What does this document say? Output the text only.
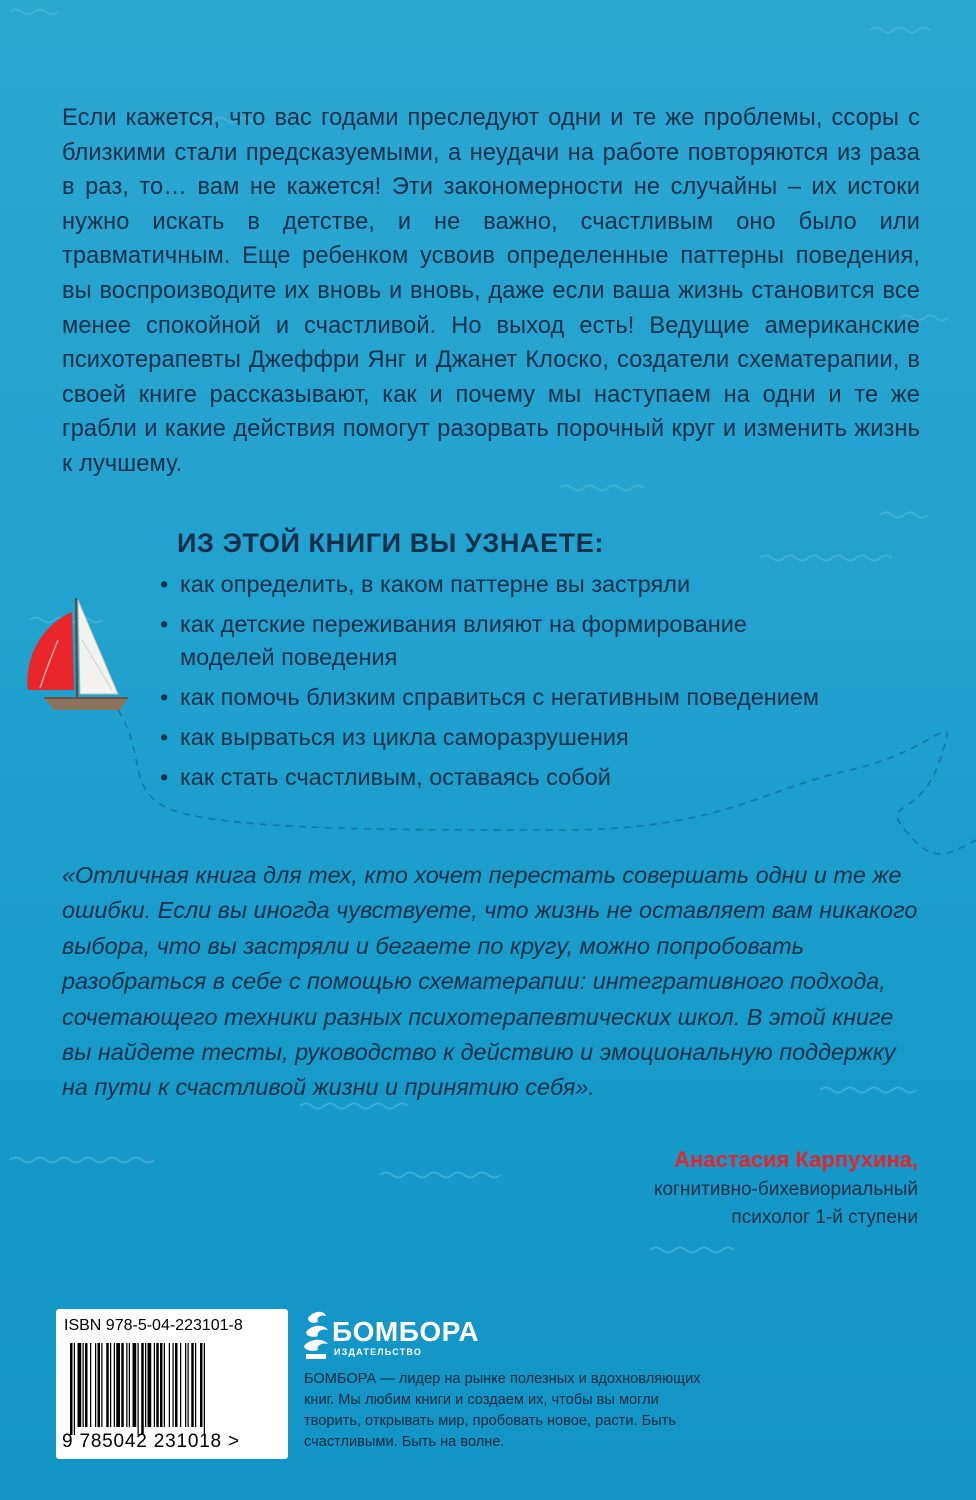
Если кажется, что вас годами преследуют одни и те же проблемы, ссоры с близкими стали предсказуемыми, а неудачи на работе повторяются из раза в раз, то… вам не кажется! Эти закономерности не случайны – их истоки нужно искать в детстве, и не важно, счастливым оно было или травматичным. Еще ребенком усвоив определенные паттерны поведения, вы воспроизводите их вновь и вновь, даже если ваша жизнь становится все менее спокойной и счастливой. Но выход есть! Ведущие американские психотерапевты Джеффри Янг и Джанет Клоско, создатели схематерапии, в своей книге рассказывают, как и почему мы наступаем на одни и те же грабли и какие действия помогут разорвать порочный круг и изменить жизнь к лучшему.

ИЗ ЭТОЙ КНИГИ ВЫ УЗНАЕТЕ:
• как определить, в каком паттерне вы застряли
• как детские переживания влияют на формирование моделей поведения
• как помочь близким справиться с негативным поведением
• как вырваться из цикла саморазрушения
• как стать счастливым, оставаясь собой

«Отличная книга для тех, кто хочет перестать совершать одни и те же ошибки. Если вы иногда чувствуете, что жизнь не оставляет вам никакого выбора, что вы застряли и бегаете по кругу, можно попробовать разобраться в себе с помощью схематерапии: интегративного подхода, сочетающего техники разных психотерапевтических школ. В этой книге вы найдете тесты, руководство к действию и эмоциональную поддержку на пути к счастливой жизни и принятию себя».

Анастасия Карпухина,

когнитивно-бихевиориальный
психолог 1-й ступени

ISBN 978-5-04-223101-8
9 785042 231018 >
БОМБОРА
ИЗДАТЕЛЬСТВО

БОМБОРА — лидер на рынке полезных и вдохновляющих книг. Мы любим книги и создаем их, чтобы вы могли творить, открывать мир, пробовать новое, расти. Быть счастливыми. Быть на волне.
